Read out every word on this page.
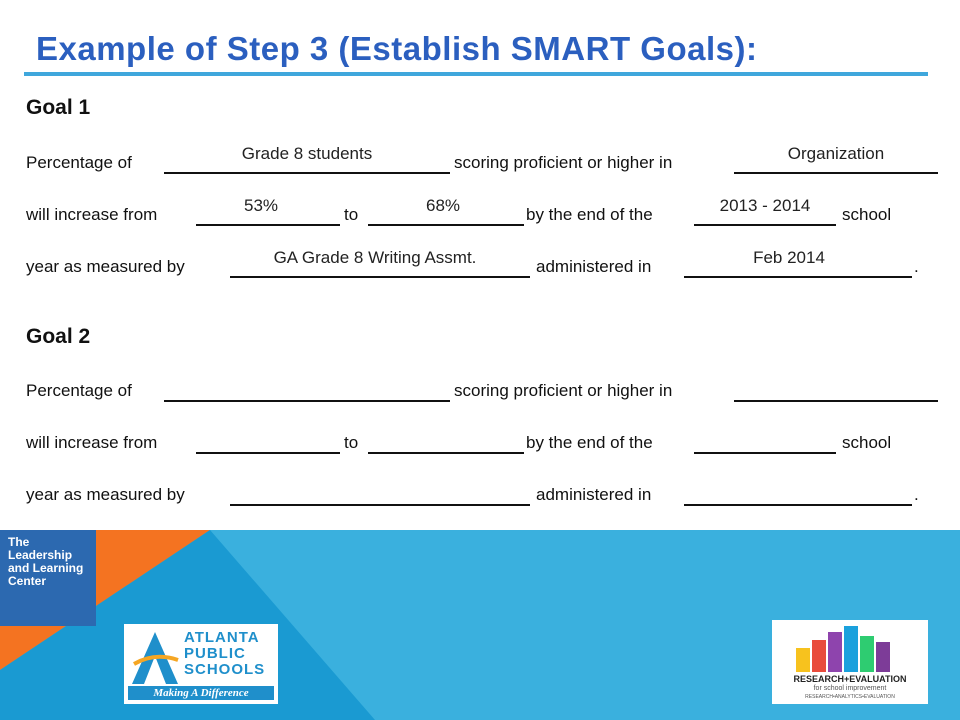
Example of Step 3 (Establish SMART Goals):
Goal 1
Percentage of	Grade 8 students	scoring proficient or higher in	Organization
will increase from	53%	to	68%	by the end of the	2013 - 2014	school
year as measured by	GA Grade 8 Writing Assmt.	administered in	Feb 2014	.
Goal 2
Percentage of	scoring proficient or higher in
will increase from	to	by the end of the	school
year as measured by	administered in	.
The
Leadership
and Learning
Center
ATLANTA
PUBLIC
SCHOOLS
Making A Difference
RESEARCH+EVALUATION
for school improvement
RESEARCH•ANALYTICS•EVALUATION
